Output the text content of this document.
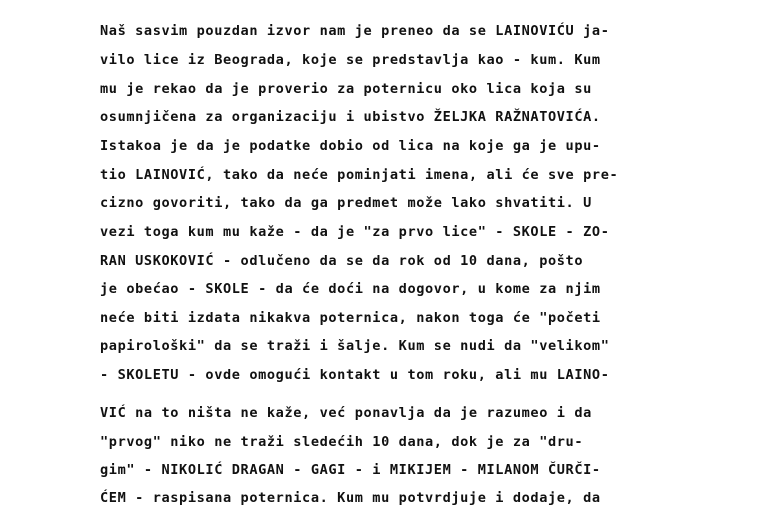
Naš sasvim pouzdan izvor nam je preneo da se LAINOVIĆU ja-
vilo lice iz Beograda, koje se predstavlja kao - kum. Kum
mu je rekao da je proverio za poternicu oko lica koja su
osumnjičena za organizaciju i ubistvo ŽELJKA RAŽNATOVIĆA.
Istakoa je da je podatke dobio od lica na koje ga je upu-
tio LAINOVIĆ, tako da neće pominjati imena, ali će sve pre-
cizno govoriti, tako da ga predmet može lako shvatiti. U
vezi toga kum mu kaže - da je "za prvo lice" - SKOLE - ZO-
RAN USKOKOVIĆ - odlučeno da se da rok od 10 dana, pošto
je obećao - SKOLE - da će doći na dogovor, u kome za njim
neće biti izdata nikakva poternica, nakon toga će "početi
papirološki" da se traži i šalje. Kum se nudi da "velikom"
- SKOLETU - ovde omogući kontakt u tom roku, ali mu LAINO-
VIĆ na to ništa ne kaže, već ponavlja da je razumeo i da
"prvog" niko ne traži sledećih 10 dana, dok je za "dru-
gim" - NIKOLIĆ DRAGAN - GAGI - i MIKIJEM - MILANOM ČURČI-
ĆEM - raspisana poternica. Kum mu potvrdjuje i dodaje, da
